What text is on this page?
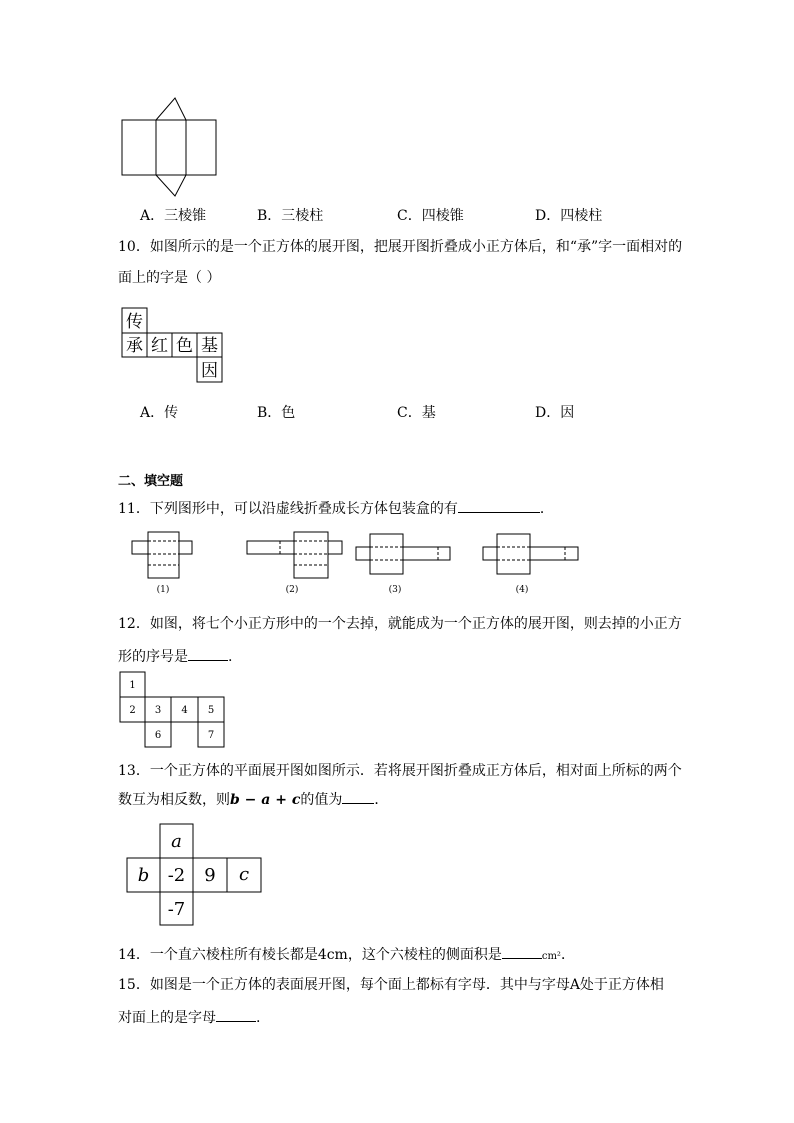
A．三棱锥	B．三棱柱	C．四棱锥	D．四棱柱
10．如图所示的是一个正方体的展开图，把展开图折叠成小正方体后，和“承”字一面相对的
面上的字是（ ）
传
承 红 色 基
因
A．传	B．色	C．基	D．因
二、填空题
11．下列图形中，可以沿虚线折叠成长方体包装盒的有	．
(1)	(2)	(3)	(4)
12．如图，将七个小正方形中的一个去掉，就能成为一个正方体的展开图，则去掉的小正方
形的序号是	.
1
2 3 4 5
6	7
13．一个正方体的平面展开图如图所示．若将展开图折叠成正方体后，相对面上所标的两个
数互为相反数，则b − a + c的值为 ．
a
b -2 9 c
-7
14．一个直六棱柱所有棱长都是4cm，这个六棱柱的侧面积是	cm²．
15．如图是一个正方体的表面展开图，每个面上都标有字母．其中与字母A处于正方体相
对面上的是字母	.
